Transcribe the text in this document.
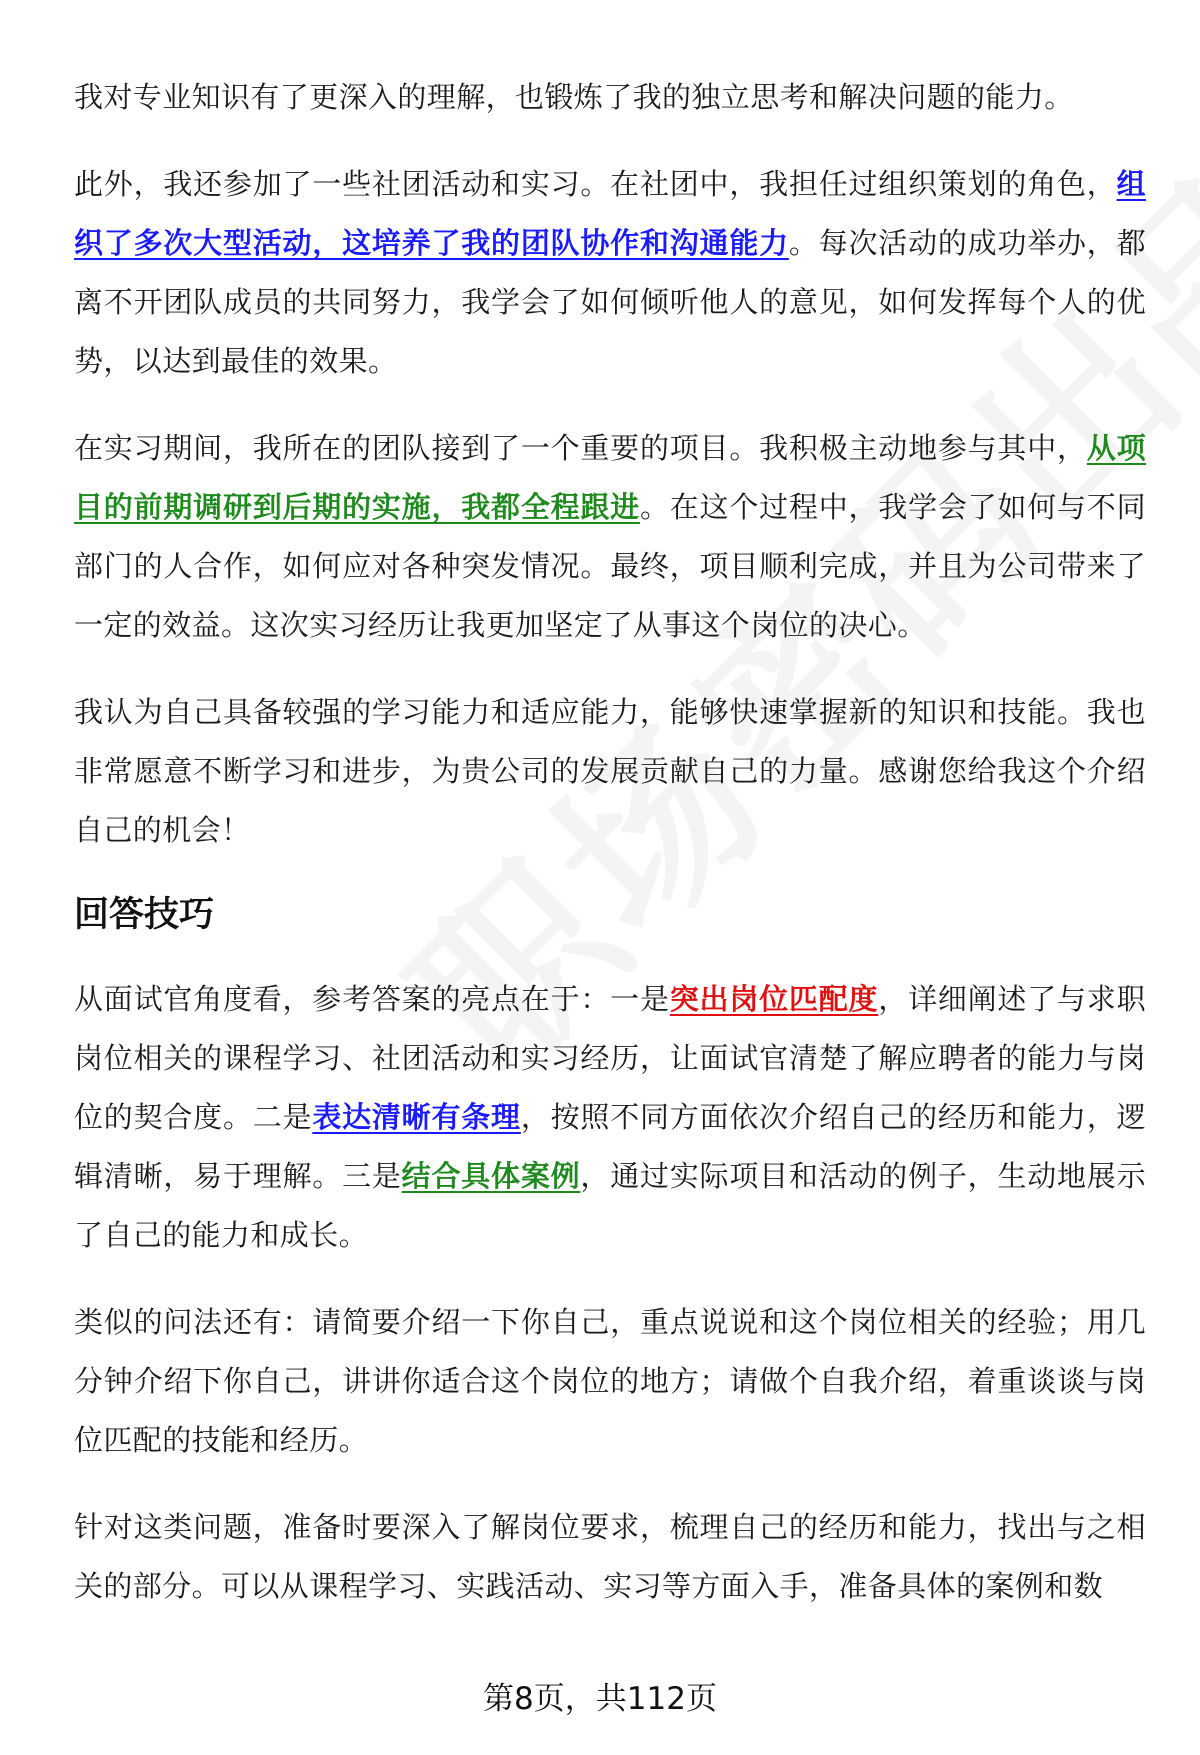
我对专业知识有了更深入的理解，也锻炼了我的独立思考和解决问题的能力。

此外，我还参加了一些社团活动和实习。在社团中，我担任过组织策划的角色，组织了多次大型活动，这培养了我的团队协作和沟通能力。每次活动的成功举办，都离不开团队成员的共同努力，我学会了如何倾听他人的意见，如何发挥每个人的优势，以达到最佳的效果。

在实习期间，我所在的团队接到了一个重要的项目。我积极主动地参与其中，从项目的前期调研到后期的实施，我都全程跟进。在这个过程中，我学会了如何与不同部门的人合作，如何应对各种突发情况。最终，项目顺利完成，并且为公司带来了一定的效益。这次实习经历让我更加坚定了从事这个岗位的决心。

我认为自己具备较强的学习能力和适应能力，能够快速掌握新的知识和技能。我也非常愿意不断学习和进步，为贵公司的发展贡献自己的力量。感谢您给我这个介绍自己的机会！

回答技巧

从面试官角度看，参考答案的亮点在于：一是突出岗位匹配度，详细阐述了与求职岗位相关的课程学习、社团活动和实习经历，让面试官清楚了解应聘者的能力与岗位的契合度。二是表达清晰有条理，按照不同方面依次介绍自己的经历和能力，逻辑清晰，易于理解。三是结合具体案例，通过实际项目和活动的例子，生动地展示了自己的能力和成长。

类似的问法还有：请简要介绍一下你自己，重点说说和这个岗位相关的经验；用几分钟介绍下你自己，讲讲你适合这个岗位的地方；请做个自我介绍，着重谈谈与岗位匹配的技能和经历。

针对这类问题，准备时要深入了解岗位要求，梳理自己的经历和能力，找出与之相关的部分。可以从课程学习、实践活动、实习等方面入手，准备具体的案例和数

第8页，共112页
